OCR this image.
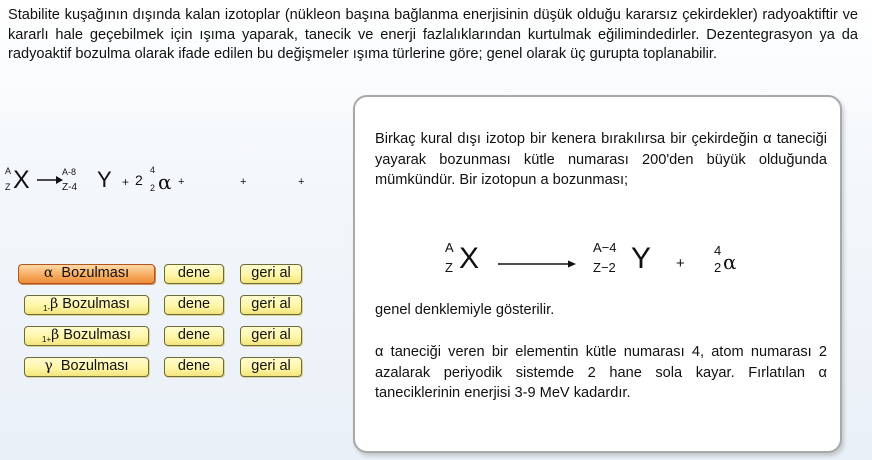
Stabilite kuşağının dışında kalan izotoplar (nükleon başına bağlanma enerjisinin düşük olduğu kararsız çekirdekler) radyoaktiftir ve kararlı hale geçebilmek için ışıma yaparak, tanecik ve enerji fazlalıklarından kurtulmak eğilimindedirler. Dezentegrasyon ya da radyoaktif bozulma olarak ifade edilen bu değişmeler ışıma türlerine göre; genel olarak üç gurupta toplanabilir.
A
Z X	A-8
Z-4 Y + 2
4
2 α +	+	+
α Bozulması	dene	geri al
$_{1-}$β Bozulması	dene	geri al
$_{1+}$β Bozulması	dene	geri al
γ Bozulması	dene	geri al
Birkaç kural dışı izotop bir kenera bırakılırsa bir çekirdeğin α taneciği yayarak bozunması kütle numarası 200'den büyük olduğunda mümkündür. Bir izotopun a bozunması;
A
Z X	A−4
Z−2 Y +
4
2 α
genel denklemiyle gösterilir.
α taneciği veren bir elementin kütle numarası 4, atom numarası 2 azalarak periyodik sistemde 2 hane sola kayar. Fırlatılan α taneciklerinin enerjisi 3-9 MeV kadardır.
